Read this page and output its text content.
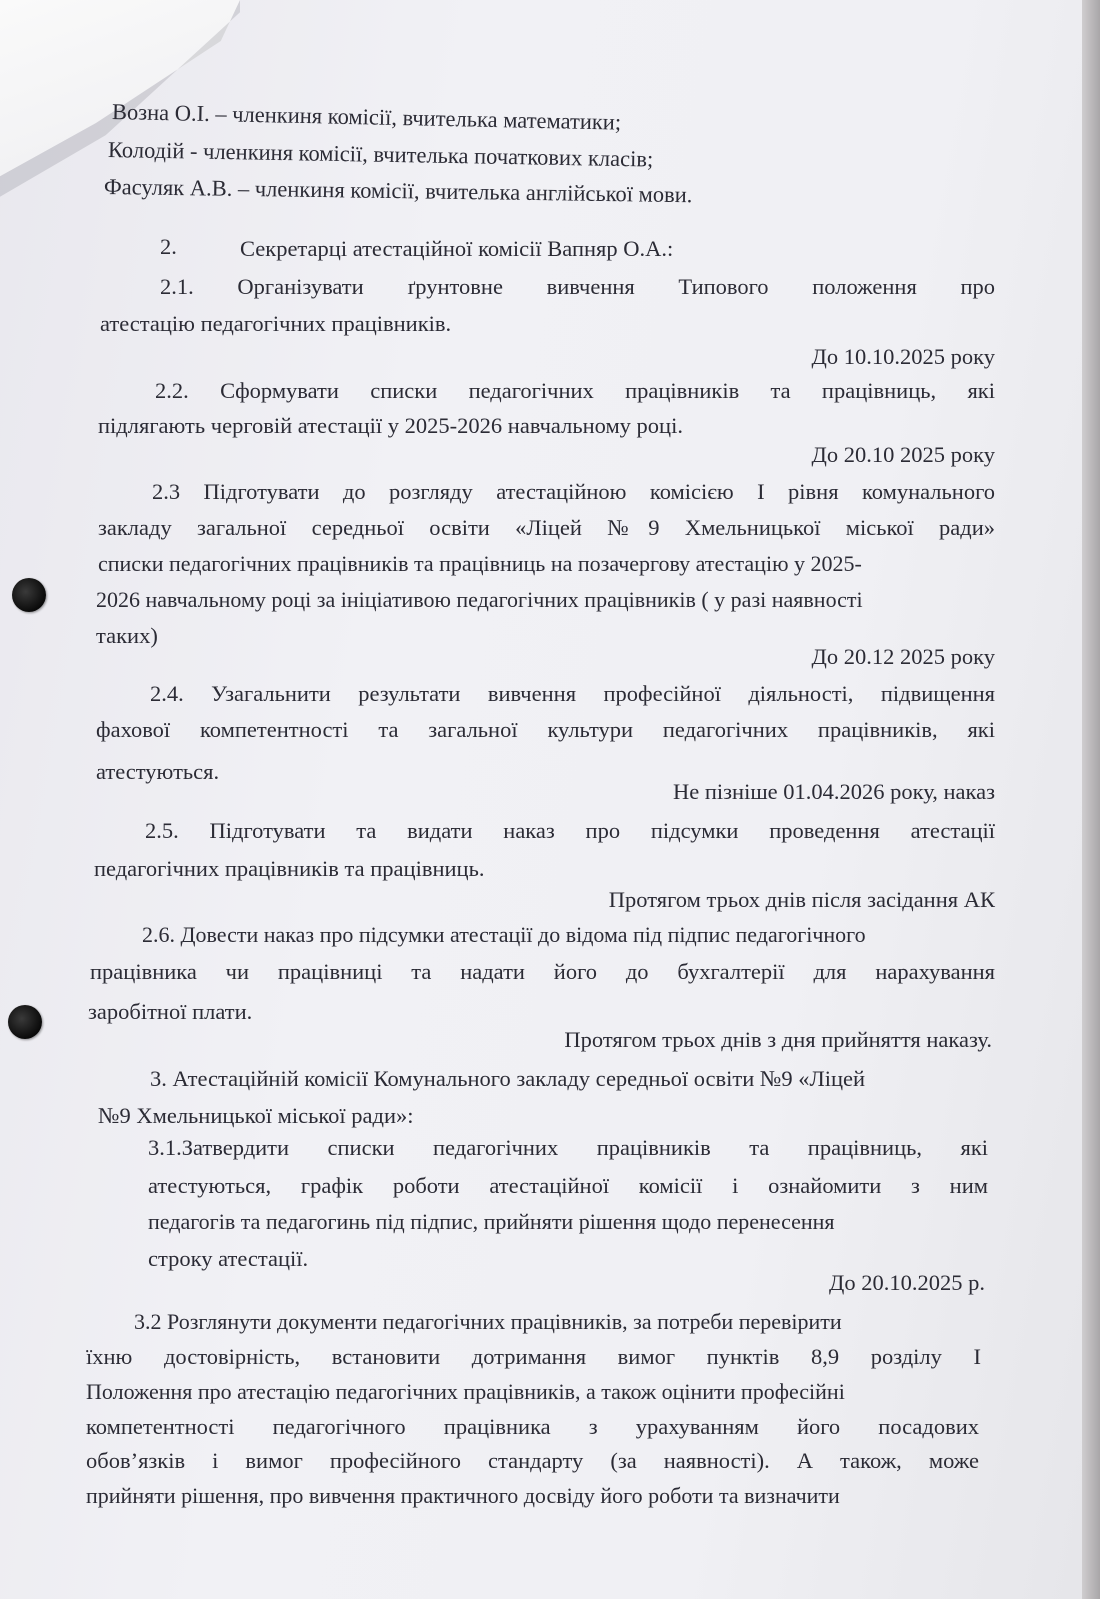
Возна О.І. – членкиня комісії, вчителька математики;
Колодій - членкиня комісії, вчителька початкових класів;
Фасуляк А.В. – членкиня комісії, вчителька англійської мови.
2.	Секретарці атестаційної комісії Вапняр О.А.:
2.1. Організувати ґрунтовне вивчення Типового положення про
атестацію педагогічних працівників.
До 10.10.2025 року
2.2. Сформувати списки педагогічних працівників та працівниць, які
підлягають черговій атестації у 2025-2026 навчальному році.
До 20.10 2025 року
2.3 Підготувати до розгляду атестаційною комісією І рівня комунального
закладу загальної середньої освіти «Ліцей №9 Хмельницької міської ради»
списки педагогічних працівників та працівниць на позачергову атестацію у 2025-
2026 навчальному році за ініціативою педагогічних працівників ( у разі наявності
таких)
До 20.12 2025 року
2.4. Узагальнити результати вивчення професійної діяльності, підвищення
фахової компетентності та загальної культури педагогічних працівників, які
атестуються.
Не пізніше 01.04.2026 року, наказ
2.5. Підготувати та видати наказ про підсумки проведення атестації
педагогічних працівників та працівниць.
Протягом трьох днів після засідання АК
2.6. Довести наказ про підсумки атестації до відома під підпис педагогічного
працівника чи працівниці та надати його до бухгалтерії для нарахування
заробітної плати.
Протягом трьох днів з дня прийняття наказу.
3. Атестаційній комісії Комунального закладу середньої освіти №9 «Ліцей
№9 Хмельницької міської ради»:
3.1.Затвердити списки педагогічних працівників та працівниць, які
атестуються, графік роботи атестаційної комісії і ознайомити з ним
педагогів та педагогинь під підпис, прийняти рішення щодо перенесення
строку атестації.
До 20.10.2025 р.
3.2 Розглянути документи педагогічних працівників, за потреби перевірити
їхню достовірність, встановити дотримання вимог пунктів 8,9 розділу І
Положення про атестацію педагогічних працівників, а також оцінити професійні
компетентності педагогічного працівника з урахуванням його посадових
обов’язків і вимог професійного стандарту (за наявності). А також, може
прийняти рішення, про вивчення практичного досвіду його роботи та визначити
